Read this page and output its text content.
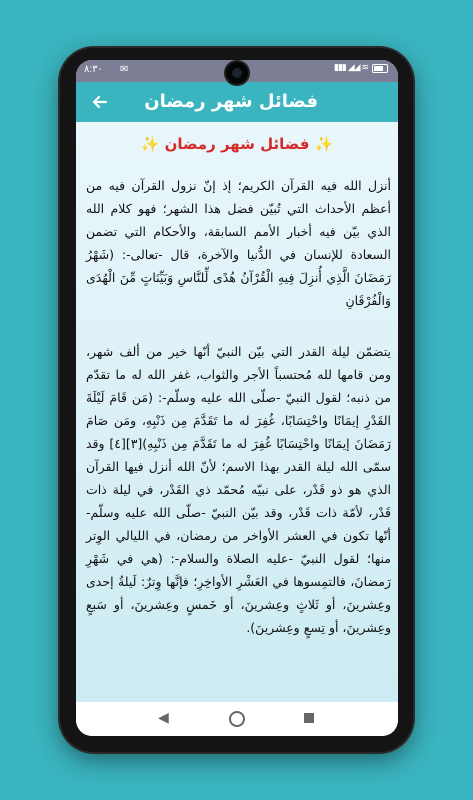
▮▮▮ ◢◢ ≋
✉
٨:٣٠
فضائل شهر رمضان
✨ فضائل شهر رمضان ✨
أنزل الله فيه القرآن الكريم؛ إذ إنّ نزول القرآن فيه من أعظم الأحداث التي تُبيّن فضل هذا الشهر؛ فهو كلام الله الذي بيّن فيه أخبار الأمم السابقة، والأحكام التي تضمن السعادة للإنسان في الدُّنيا والآخرة، قال -تعالى-: (شَهْرُ رَمَضَانَ الَّذِي أُنزِلَ فِيهِ الْقُرْآنُ هُدًى لِّلنَّاسِ وَبَيِّنَاتٍ مِّنَ الْهُدَى وَالْفُرْقَانِ
يتضمّن ليلة القدر التي بيّن النبيّ أنّها خير من ألف شهر، ومن قامها لله مُحتسباً الأجر والثواب، غفر الله له ما تقدّم من ذنبه؛ لقول النبيّ -صلّى الله عليه وسلّم-: (مَن قَامَ لَيْلَةَ القَدْرِ إيمَانًا واحْتِسَابًا، غُفِرَ له ما تَقَدَّمَ مِن ذَنْبِهِ، ومَن صَامَ رَمَضَانَ إيمَانًا واحْتِسَابًا غُفِرَ له ما تَقَدَّمَ مِن ذَنْبِهِ)[٣][٤] وقد سمّى الله ليلة القدر بهذا الاسم؛ لأنّ الله أنزل فيها القرآن الذي هو ذو قَدْر، على نبيّه مُحمّد ذي القَدْر، في ليلة ذات قَدْر، لأمّة ذات قَدْر، وقد بيّن النبيّ -صلّى الله عليه وسلّم- أنّها تكون في العشر الأواخر من رمضان، في الليالي الوِتر منها؛ لقول النبيّ -عليه الصلاة والسلام-: (هي في شَهْرِ رَمضانَ، فالتمِسوها في العَشْرِ الأواخِرِ؛ فإنَّها وِترٌ: لَيلةُ إحدى وعِشرينَ، أو ثَلاثٍ وعِشرينَ، أو خَمسٍ وعِشرينَ، أو سَبعٍ وعِشرينَ، أو تِسعٍ وعِشرينَ).
◀
